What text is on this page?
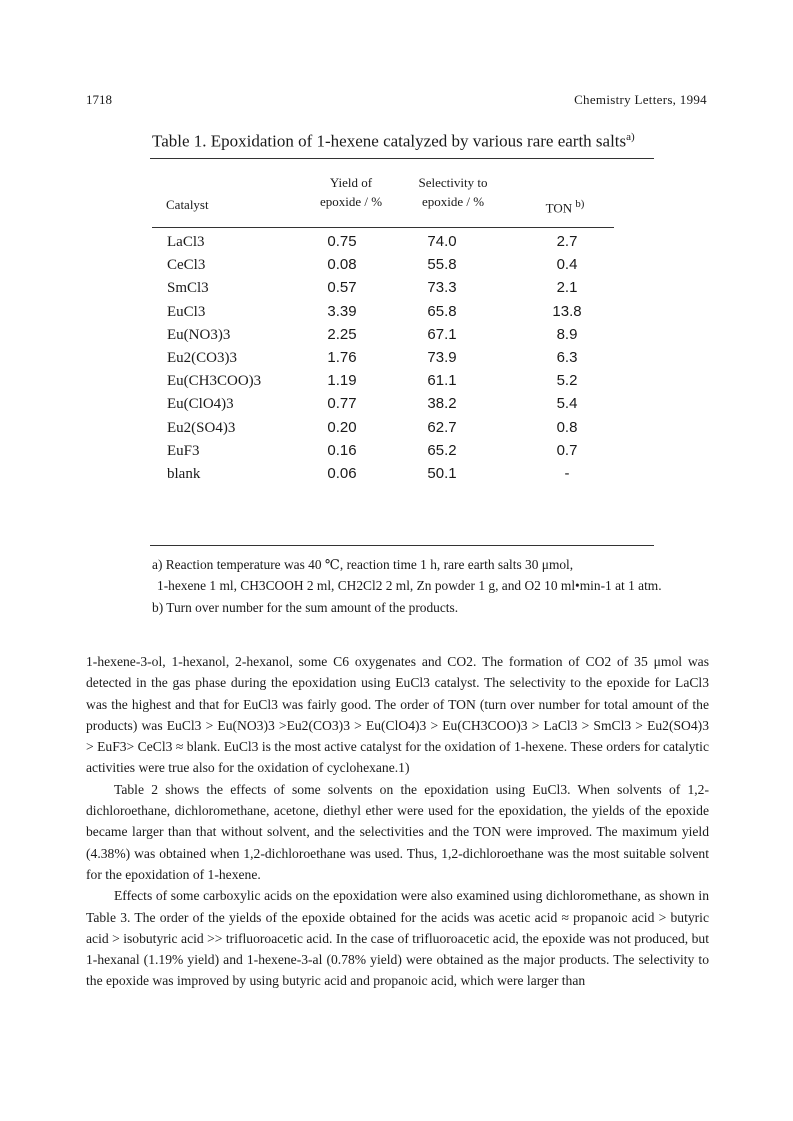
1718	Chemistry Letters, 1994
Table 1. Epoxidation of 1-hexene catalyzed by various rare earth salts$^{a)}$
Catalyst
Yield of
epoxide / %
Selectivity to
epoxide / %	TON $^{b)}$
LaCl3	0.75	74.0	2.7
CeCl3	0.08	55.8	0.4
SmCl3	0.57	73.3	2.1
EuCl3	3.39	65.8	13.8
Eu(NO3)3	2.25	67.1	8.9
Eu2(CO3)3	1.76	73.9	6.3
Eu(CH3COO)3	1.19	61.1	5.2
Eu(ClO4)3	0.77	38.2	5.4
Eu2(SO4)3	0.20	62.7	0.8
EuF3	0.16	65.2	0.7
blank	0.06	50.1	-
a) Reaction temperature was 40 ℃, reaction time 1 h, rare earth salts 30 μmol,
1-hexene 1 ml, CH3COOH 2 ml, CH2Cl2 2 ml, Zn powder 1 g, and O2 10 ml•min-1 at 1 atm.
b) Turn over number for the sum amount of the products.

1-hexene-3-ol, 1-hexanol, 2-hexanol, some C6 oxygenates and CO2. The formation of CO2 of 35 μmol was detected in the gas phase during the epoxidation using EuCl3 catalyst. The selectivity to the epoxide for LaCl3 was the highest and that for EuCl3 was fairly good. The order of TON (turn over number for total amount of the products) was EuCl3 > Eu(NO3)3 >Eu2(CO3)3 > Eu(ClO4)3 > Eu(CH3COO)3 > LaCl3 > SmCl3 > Eu2(SO4)3 > EuF3> CeCl3 ≈ blank. EuCl3 is the most active catalyst for the oxidation of 1-hexene. These orders for catalytic activities were true also for the oxidation of cyclohexane.1)

Table 2 shows the effects of some solvents on the epoxidation using EuCl3. When solvents of 1,2-dichloroethane, dichloromethane, acetone, diethyl ether were used for the epoxidation, the yields of the epoxide became larger than that without solvent, and the selectivities and the TON were improved. The maximum yield (4.38%) was obtained when 1,2-dichloroethane was used. Thus, 1,2-dichloroethane was the most suitable solvent for the epoxidation of 1-hexene.

Effects of some carboxylic acids on the epoxidation were also examined using dichloromethane, as shown in Table 3. The order of the yields of the epoxide obtained for the acids was acetic acid ≈ propanoic acid > butyric acid > isobutyric acid >> trifluoroacetic acid. In the case of trifluoroacetic acid, the epoxide was not produced, but 1-hexanal (1.19% yield) and 1-hexene-3-al (0.78% yield) were obtained as the major products. The selectivity to the epoxide was improved by using butyric acid and propanoic acid, which were larger than
